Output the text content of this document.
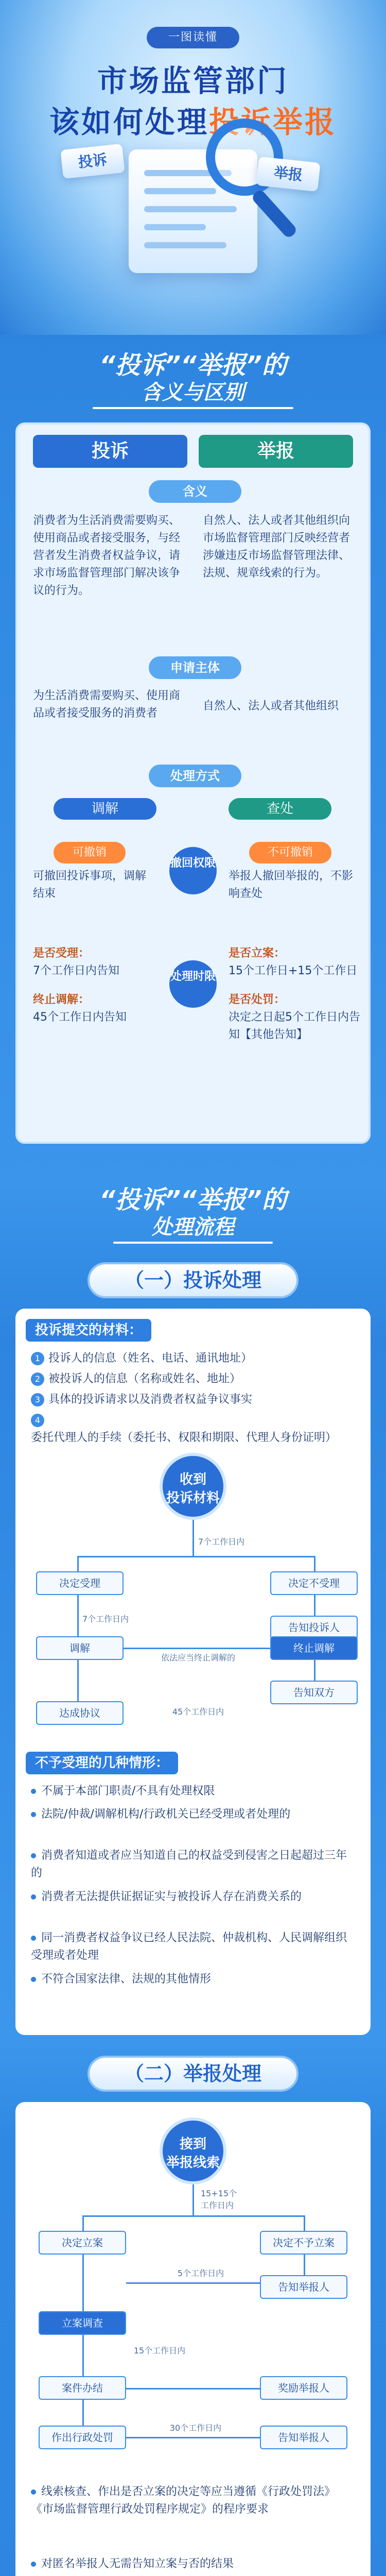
一图读懂
市场监管部门
该如何处理投诉举报
投诉
举报
“投诉”“举报”的
含义与区别
投诉	举报
含义
消费者为生活消费需要购买、使用商品或者接受服务，与经营者发生消费者权益争议，请求市场监督管理部门解决该争议的行为。
自然人、法人或者其他组织向市场监督管理部门反映经营者涉嫌违反市场监督管理法律、法规、规章线索的行为。
申请主体
为生活消费需要购买、使用商品或者接受服务的消费者
自然人、法人或者其他组织
处理方式
调解	查处
可撤销
可撤回投诉事项，调解结束
撤回权限
不可撤销
举报人撤回举报的，不影响查处
是否受理：
7个工作日内告知
终止调解：
45个工作日内告知
处理时限
是否立案：
15个工作日+15个工作日
是否处罚：
决定之日起5个工作日内告知【其他告知】
“投诉”“举报”的
处理流程
（一）投诉处理
投诉提交的材料：
1 投诉人的信息（姓名、电话、通讯地址）
2 被投诉人的信息（名称或姓名、地址）
3 具体的投诉请求以及消费者权益争议事实
4委托代理人的手续（委托书、权限和期限、代理人身份证明）
收到
投诉材料
7个工作日内
决定受理	决定不受理
告知投诉人
7个工作日内
调解
依法应当终止调解的
终止调解
告知双方
达成协议	45个工作日内
不予受理的几种情形：
不属于本部门职责/不具有处理权限
法院/仲裁/调解机构/行政机关已经受理或者处理的
消费者知道或者应当知道自己的权益受到侵害之日起超过三年的
消费者无法提供证据证实与被投诉人存在消费关系的
同一消费者权益争议已经人民法院、仲裁机构、人民调解组织受理或者处理
不符合国家法律、法规的其他情形
（二）举报处理
接到
举报线索
15+15个
工作日内
决定立案	决定不予立案
告知举报人
5个工作日内
立案调查
15个工作日内
案件办结	奖励举报人
作出行政处罚
30个工作日内
告知举报人
线索核查、作出是否立案的决定等应当遵循《行政处罚法》《市场监督管理行政处罚程序规定》的程序要求
对匿名举报人无需告知立案与否的结果
